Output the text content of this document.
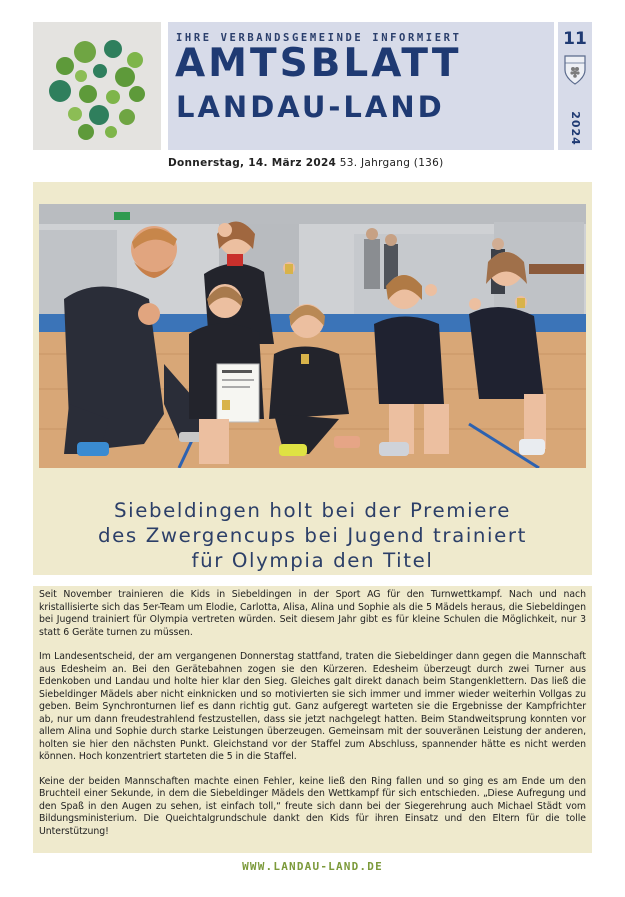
IHRE VERBANDSGEMEINDE INFORMIERT
AMTSBLATT
LANDAU-LAND
11
2024
Donnerstag, 14. März 2024 53. Jahrgang (136)
Siebeldingen holt bei der Premiere
des Zwergencups bei Jugend trainiert
für Olympia den Titel

Seit November trainieren die Kids in Siebeldingen in der Sport AG für den Turnwettkampf. Nach und nach kristallisierte sich das 5er-Team um Elodie, Carlotta, Alisa, Alina und Sophie als die 5 Mädels heraus, die Siebeldingen bei Jugend trainiert für Olympia vertreten würden. Seit diesem Jahr gibt es für kleine Schulen die Möglichkeit, nur 3 statt 6 Geräte turnen zu müssen.

Im Landesentscheid, der am vergangenen Donnerstag stattfand, traten die Siebeldinger dann gegen die Mannschaft aus Edesheim an. Bei den Gerätebahnen zogen sie den Kürzeren. Edesheim überzeugt durch zwei Turner aus Edenkoben und Landau und holte hier klar den Sieg. Gleiches galt direkt danach beim Stangenklettern. Das ließ die Siebeldinger Mädels aber nicht einknicken und so motivierten sie sich immer und immer wieder weiterhin Vollgas zu geben. Beim Synchronturnen lief es dann richtig gut. Ganz aufgeregt warteten sie die Ergebnisse der Kampfrichter ab, nur um dann freudestrahlend festzustellen, dass sie jetzt nachgelegt hatten. Beim Standweitsprung konnten vor allem Alina und Sophie durch starke Leistungen überzeugen. Gemeinsam mit der souveränen Leistung der anderen, holten sie hier den nächsten Punkt. Gleichstand vor der Staffel zum Abschluss, spannender hätte es nicht werden können. Hoch konzentriert starteten die 5 in die Staffel.

Keine der beiden Mannschaften machte einen Fehler, keine ließ den Ring fallen und so ging es am Ende um den Bruchteil einer Sekunde, in dem die Siebeldinger Mädels den Wettkampf für sich entschieden. „Diese Aufregung und den Spaß in den Augen zu sehen, ist einfach toll,“ freute sich dann bei der Siegerehrung auch Michael Städt vom Bildungsministerium. Die Queichtalgrundschule dankt den Kids für ihren Einsatz und den Eltern für die tolle Unterstützung!

WWW.LANDAU-LAND.DE
